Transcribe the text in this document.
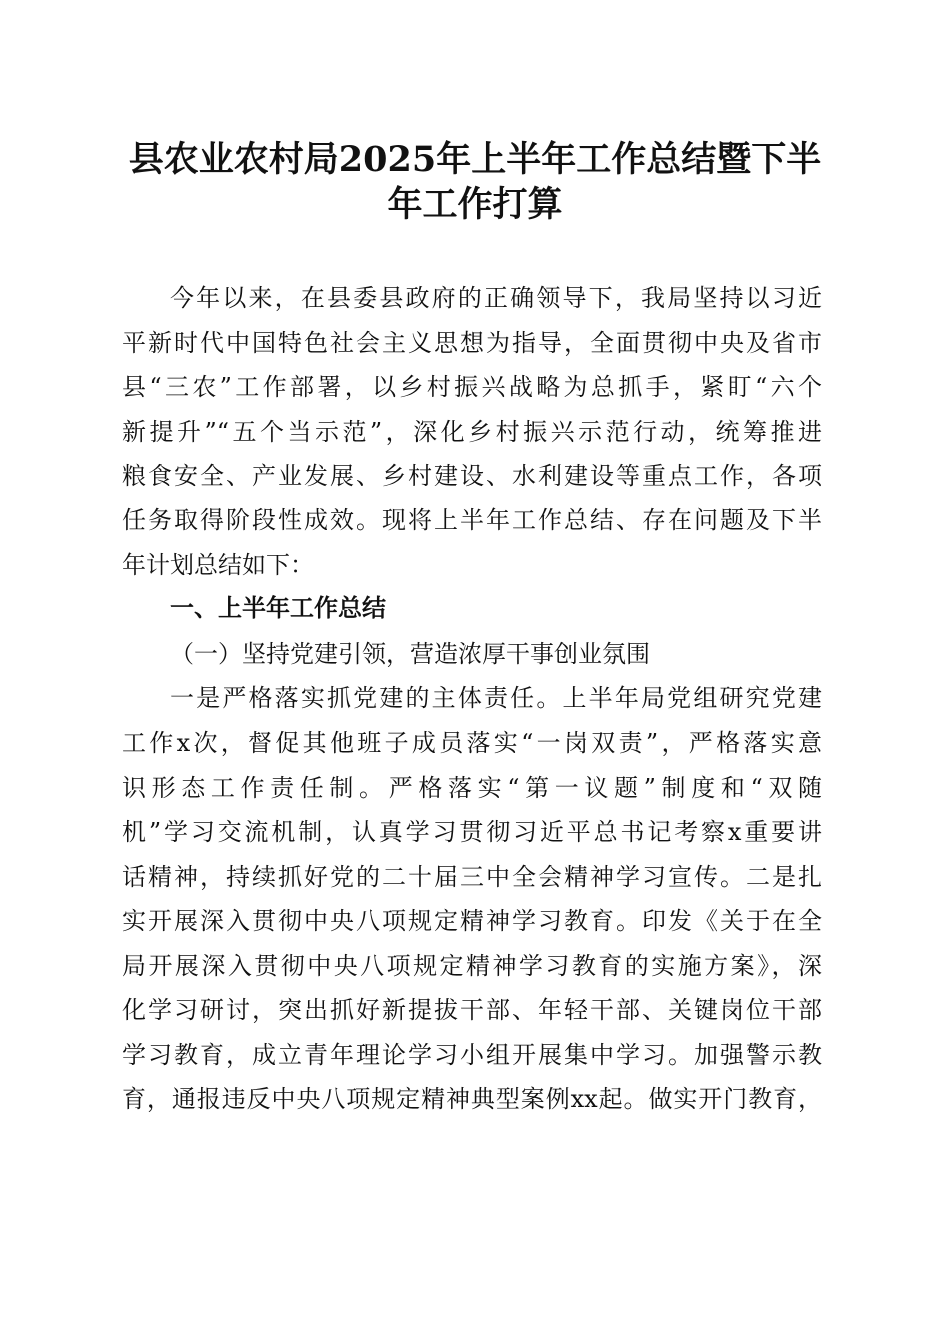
县农业农村局2025年上半年工作总结暨下半
年工作打算
今年以来，在县委县政府的正确领导下，我局坚持以习近
平新时代中国特色社会主义思想为指导，全面贯彻中央及省市
县“三农”工作部署，以乡村振兴战略为总抓手，紧盯“六个
新提升”“五个当示范”，深化乡村振兴示范行动，统筹推进
粮食安全、产业发展、乡村建设、水利建设等重点工作，各项
任务取得阶段性成效。现将上半年工作总结、存在问题及下半
年计划总结如下：
一、上半年工作总结
（一）坚持党建引领，营造浓厚干事创业氛围
一是严格落实抓党建的主体责任。上半年局党组研究党建
工作x次，督促其他班子成员落实“一岗双责”，严格落实意
识形态工作责任制。严格落实“第一议题”制度和“双随
机”学习交流机制，认真学习贯彻习近平总书记考察x重要讲
话精神，持续抓好党的二十届三中全会精神学习宣传。二是扎
实开展深入贯彻中央八项规定精神学习教育。印发《关于在全
局开展深入贯彻中央八项规定精神学习教育的实施方案》，深
化学习研讨，突出抓好新提拔干部、年轻干部、关键岗位干部
学习教育，成立青年理论学习小组开展集中学习。加强警示教
育，通报违反中央八项规定精神典型案例xx起。做实开门教育，
